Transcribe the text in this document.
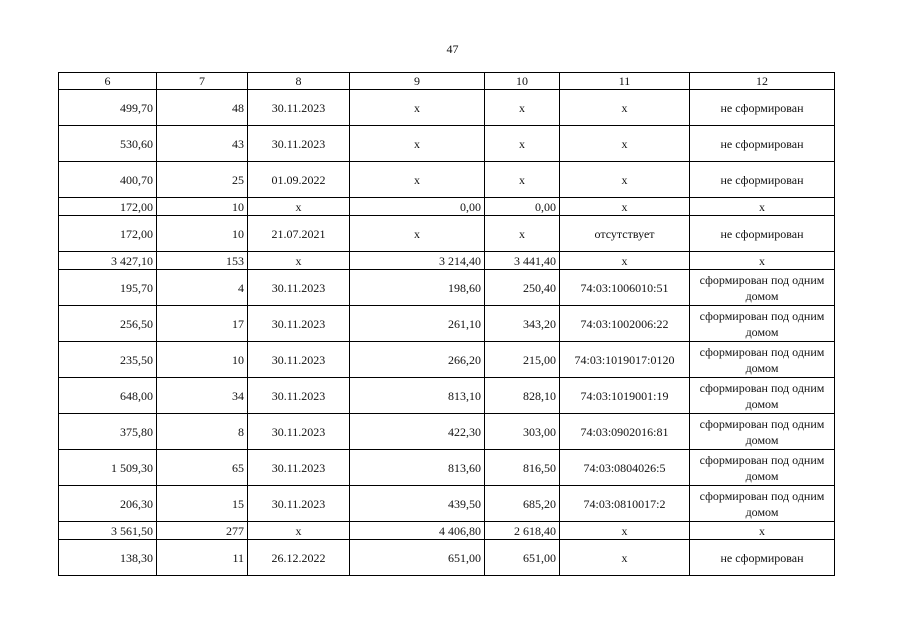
47
6	7	8	9	10	11	12
499,70	48	30.11.2023	x	x	x	не сформирован
530,60	43	30.11.2023	x	x	x	не сформирован
400,70	25	01.09.2022	x	x	x	не сформирован
172,00	10	x	0,00	0,00	x	x
172,00	10	21.07.2021	x	x	отсутствует	не сформирован
3 427,10	153	x	3 214,40	3 441,40	x	x
195,70	4	30.11.2023	198,60	250,40	74:03:1006010:51	сформирован под одним домом
256,50	17	30.11.2023	261,10	343,20	74:03:1002006:22	сформирован под одним домом
235,50	10	30.11.2023	266,20	215,00	74:03:1019017:0120	сформирован под одним домом
648,00	34	30.11.2023	813,10	828,10	74:03:1019001:19	сформирован под одним домом
375,80	8	30.11.2023	422,30	303,00	74:03:0902016:81	сформирован под одним домом
1 509,30	65	30.11.2023	813,60	816,50	74:03:0804026:5	сформирован под одним домом
206,30	15	30.11.2023	439,50	685,20	74:03:0810017:2	сформирован под одним домом
3 561,50	277	x	4 406,80	2 618,40	x	x
138,30	11	26.12.2022	651,00	651,00	x	не сформирован
